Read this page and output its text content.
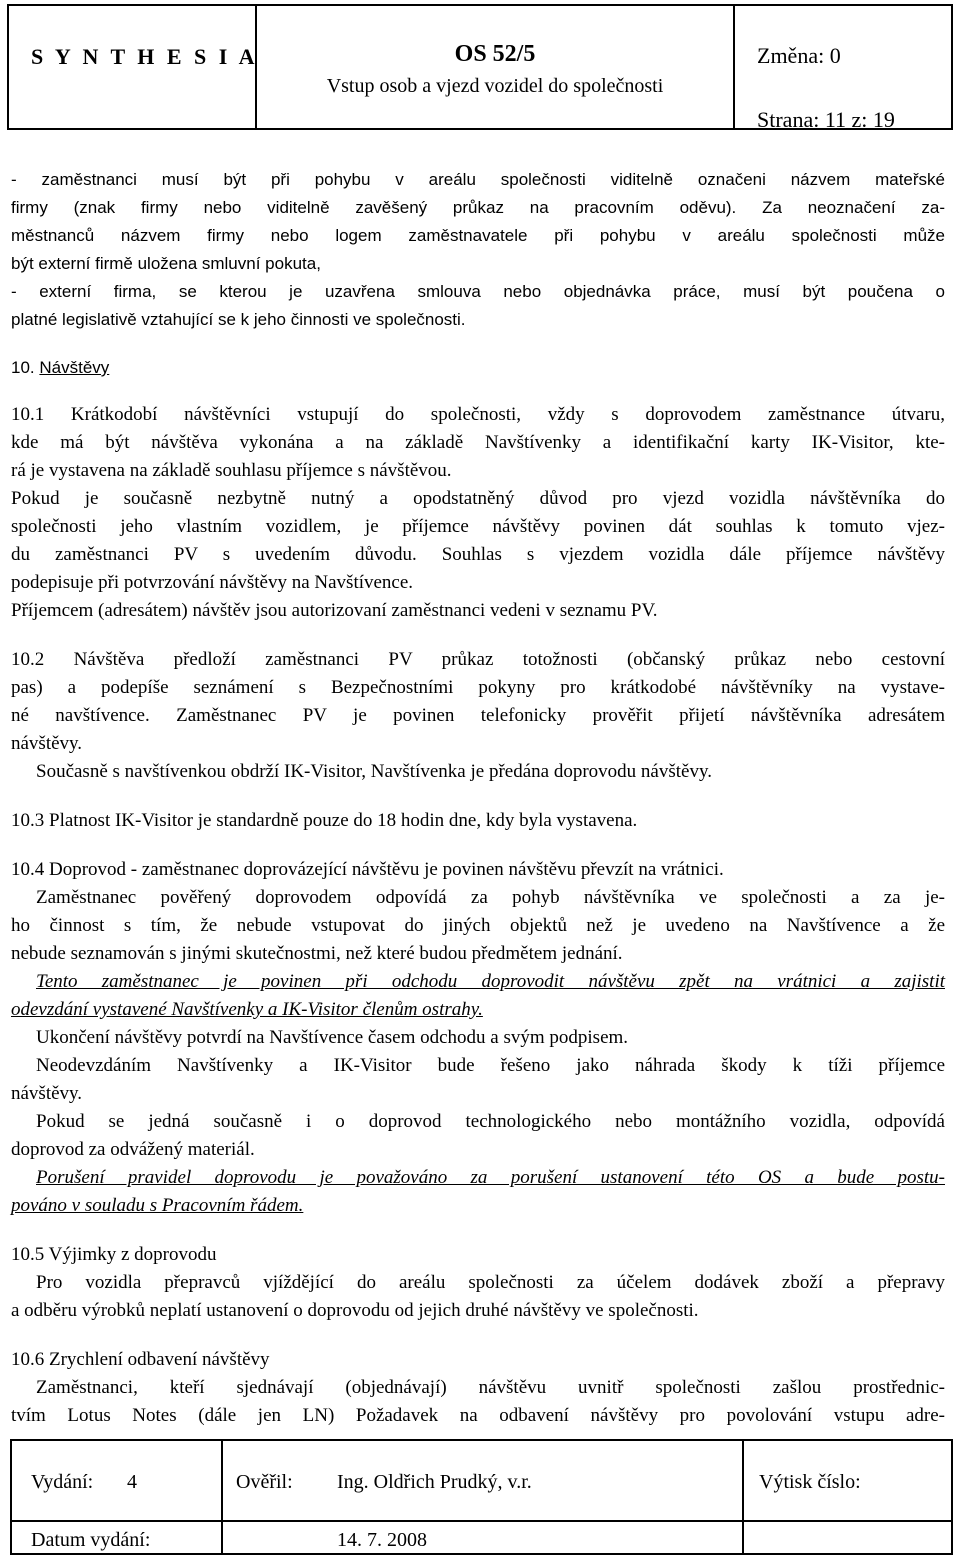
S Y N T H E S I A	OS 52/5
Vstup osob a vjezd vozidel do společnosti
Změna: 0
Strana: 11 z: 19
- zaměstnanci musí být při pohybu v areálu společnosti viditelně označeni názvem mateřské
firmy (znak firmy nebo viditelně zavěšený průkaz na pracovním oděvu). Za neoznačení za-
městnanců názvem firmy nebo logem zaměstnavatele při pohybu v areálu společnosti může
být externí firmě uložena smluvní pokuta,
- externí firma, se kterou je uzavřena smlouva nebo objednávka práce, musí být poučena o
platné legislativě vztahující se k jeho činnosti ve společnosti.
10. Návštěvy
10.1 Krátkodobí návštěvníci vstupují do společnosti, vždy s doprovodem zaměstnance útvaru,
kde má být návštěva vykonána a na základě Navštívenky a identifikační karty IK-Visitor, kte-
rá je vystavena na základě souhlasu příjemce s návštěvou.
Pokud je současně nezbytně nutný a opodstatněný důvod pro vjezd vozidla návštěvníka do
společnosti jeho vlastním vozidlem, je příjemce návštěvy povinen dát souhlas k tomuto vjez-
du zaměstnanci PV s uvedením důvodu. Souhlas s vjezdem vozidla dále příjemce návštěvy
podepisuje při potvrzování návštěvy na Navštívence.
Příjemcem (adresátem) návštěv jsou autorizovaní zaměstnanci vedeni v seznamu PV.
10.2 Návštěva předloží zaměstnanci PV průkaz totožnosti (občanský průkaz nebo cestovní
pas) a podepíše seznámení s Bezpečnostními pokyny pro krátkodobé návštěvníky na vystave-
né navštívence. Zaměstnanec PV je povinen telefonicky prověřit přijetí návštěvníka adresátem
návštěvy.
Současně s navštívenkou obdrží IK-Visitor, Navštívenka je předána doprovodu návštěvy.
10.3 Platnost IK-Visitor je standardně pouze do 18 hodin dne, kdy byla vystavena.
10.4 Doprovod - zaměstnanec doprovázející návštěvu je povinen návštěvu převzít na vrátnici.
Zaměstnanec pověřený doprovodem odpovídá za pohyb návštěvníka ve společnosti a za je-
ho činnost s tím, že nebude vstupovat do jiných objektů než je uvedeno na Navštívence a že
nebude seznamován s jinými skutečnostmi, než které budou předmětem jednání.
Tento zaměstnanec je povinen při odchodu doprovodit návštěvu zpět na vrátnici a zajistit
odevzdání vystavené Navštívenky a IK-Visitor členům ostrahy.
Ukončení návštěvy potvrdí na Navštívence časem odchodu a svým podpisem.
Neodevzdáním Navštívenky a IK-Visitor bude řešeno jako náhrada škody k tíži příjemce
návštěvy.
Pokud se jedná současně i o doprovod technologického nebo montážního vozidla, odpovídá
doprovod za odvážený materiál.
Porušení pravidel doprovodu je považováno za porušení ustanovení této OS a bude postu-
pováno v souladu s Pracovním řádem.
10.5 Výjimky z doprovodu
Pro vozidla přepravců vjíždějící do areálu společnosti za účelem dodávek zboží a přepravy
a odběru výrobků neplatí ustanovení o doprovodu od jejich druhé návštěvy ve společnosti.
10.6 Zrychlení odbavení návštěvy
Zaměstnanci, kteří sjednávají (objednávají) návštěvu uvnitř společnosti zašlou prostřednic-
tvím Lotus Notes (dále jen LN) Požadavek na odbavení návštěvy pro povolování vstupu adre-
Vydání: 4	Ověřil: Ing. Oldřich Prudký, v.r.	Výtisk číslo:
Datum vydání:	14. 7. 2008
